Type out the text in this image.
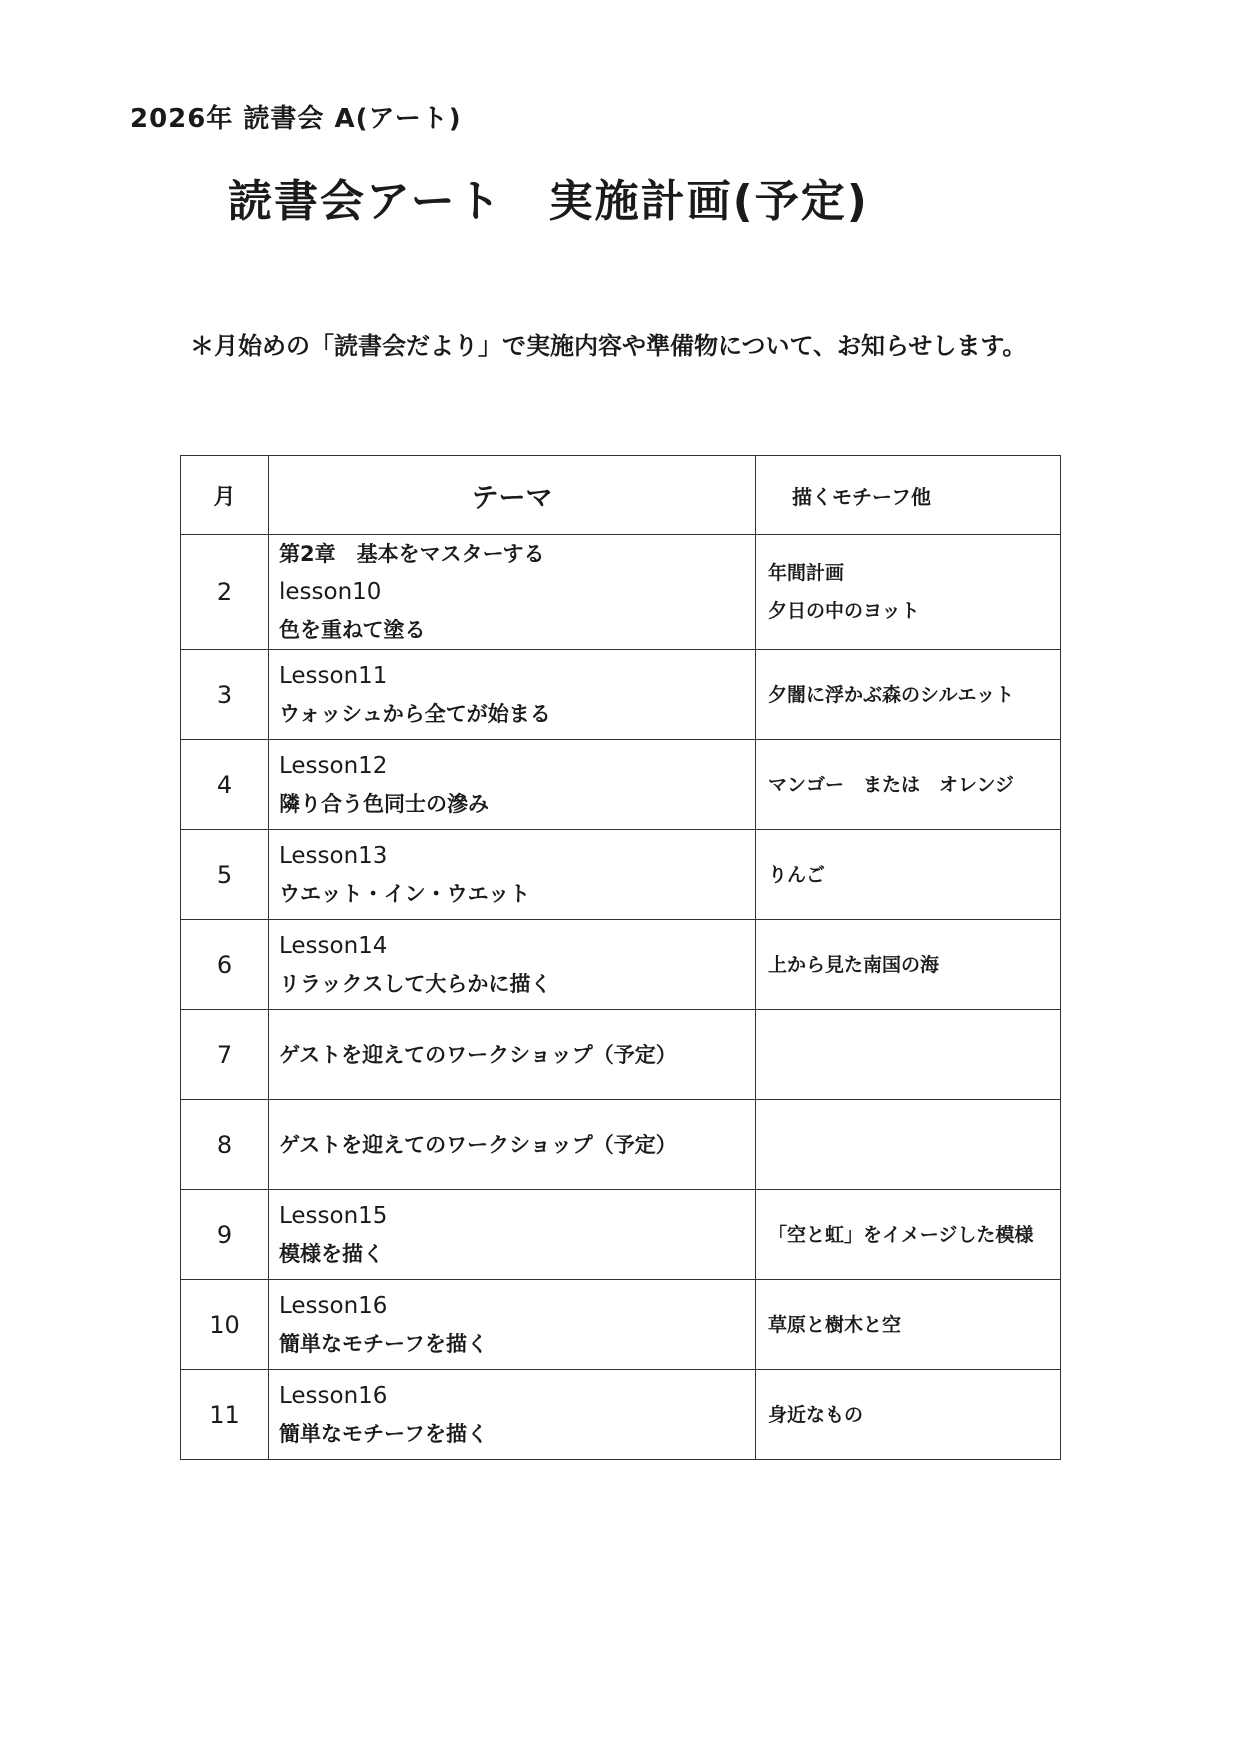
2026年 読書会 A(アート)
読書会アート　実施計画(予定)
＊月始めの「読書会だより」で実施内容や準備物について、お知らせします。
月	テーマ	描くモチーフ他
2	第2章　基本をマスターする
lesson10
色を重ねて塗る	年間計画
夕日の中のヨット

3	Lesson11
ウォッシュから全てが始まる	夕闇に浮かぶ森のシルエット

4	Lesson12
隣り合う色同士の滲み	マンゴー　または　オレンジ

5	Lesson13
ウエット・イン・ウエット	りんご

6	Lesson14
リラックスして大らかに描く	上から見た南国の海

7	ゲストを迎えてのワークショップ（予定）	

8	ゲストを迎えてのワークショップ（予定）	

9	Lesson15
模様を描く	「空と虹」をイメージした模様

10	Lesson16
簡単なモチーフを描く	草原と樹木と空

11	Lesson16
簡単なモチーフを描く	身近なもの
